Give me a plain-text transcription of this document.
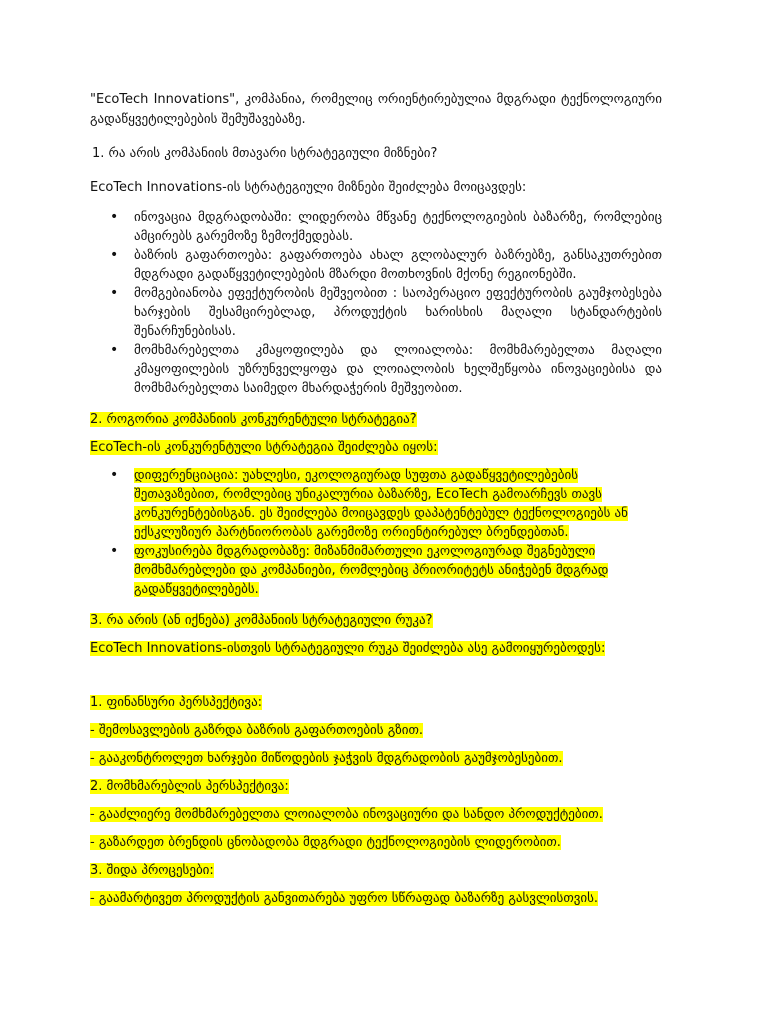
"EcoTech Innovations", კომპანია, რომელიც ორიენტირებულია მდგრადი ტექნოლოგიური გადაწყვეტილებების შემუშავებაზე.

1. რა არის კომპანიის მთავარი სტრატეგიული მიზნები?

EcoTech Innovations-ის სტრატეგიული მიზნები შეიძლება მოიცავდეს:

• ინოვაცია მდგრადობაში: ლიდერობა მწვანე ტექნოლოგიების ბაზარზე, რომლებიც ამცირებს გარემოზე ზემოქმედებას.
• ბაზრის გაფართოება: გაფართოება ახალ გლობალურ ბაზრებზე, განსაკუთრებით მდგრადი გადაწყვეტილებების მზარდი მოთხოვნის მქონე რეგიონებში.
• მომგებიანობა ეფექტურობის მეშვეობით : საოპერაციო ეფექტურობის გაუმჯობესება ხარჯების შესამცირებლად, პროდუქტის ხარისხის მაღალი სტანდარტების შენარჩუნებისას.
• მომხმარებელთა კმაყოფილება და ლოიალობა: მომხმარებელთა მაღალი კმაყოფილების უზრუნველყოფა და ლოიალობის ხელშეწყობა ინოვაციებისა და მომხმარებელთა საიმედო მხარდაჭერის მეშვეობით.

2. როგორია კომპანიის კონკურენტული სტრატეგია?

EcoTech-ის კონკურენტული სტრატეგია შეიძლება იყოს:

• დიფერენციაცია: უახლესი, ეკოლოგიურად სუფთა გადაწყვეტილებების შეთავაზებით, რომლებიც უნიკალურია ბაზარზე, EcoTech გამოარჩევს თავს კონკურენტებისგან. ეს შეიძლება მოიცავდეს დაპატენტებულ ტექნოლოგიებს ან ექსკლუზიურ პარტნიორობას გარემოზე ორიენტირებულ ბრენდებთან.
• ფოკუსირება მდგრადობაზე: მიზანმიმართული ეკოლოგიურად შეგნებული მომხმარებლები და კომპანიები, რომლებიც პრიორიტეტს ანიჭებენ მდგრად გადაწყვეტილებებს.

3. რა არის (ან იქნება) კომპანიის სტრატეგიული რუკა?

EcoTech Innovations-ისთვის სტრატეგიული რუკა შეიძლება ასე გამოიყურებოდეს:

1. ფინანსური პერსპექტივა:

- შემოსავლების გაზრდა ბაზრის გაფართოების გზით.

- გააკონტროლეთ ხარჯები მიწოდების ჯაჭვის მდგრადობის გაუმჯობესებით.

2. მომხმარებლის პერსპექტივა:

- გააძლიერე მომხმარებელთა ლოიალობა ინოვაციური და სანდო პროდუქტებით.

- გაზარდეთ ბრენდის ცნობადობა მდგრადი ტექნოლოგიების ლიდერობით.

3. შიდა პროცესები:

- გაამარტივეთ პროდუქტის განვითარება უფრო სწრაფად ბაზარზე გასვლისთვის.
